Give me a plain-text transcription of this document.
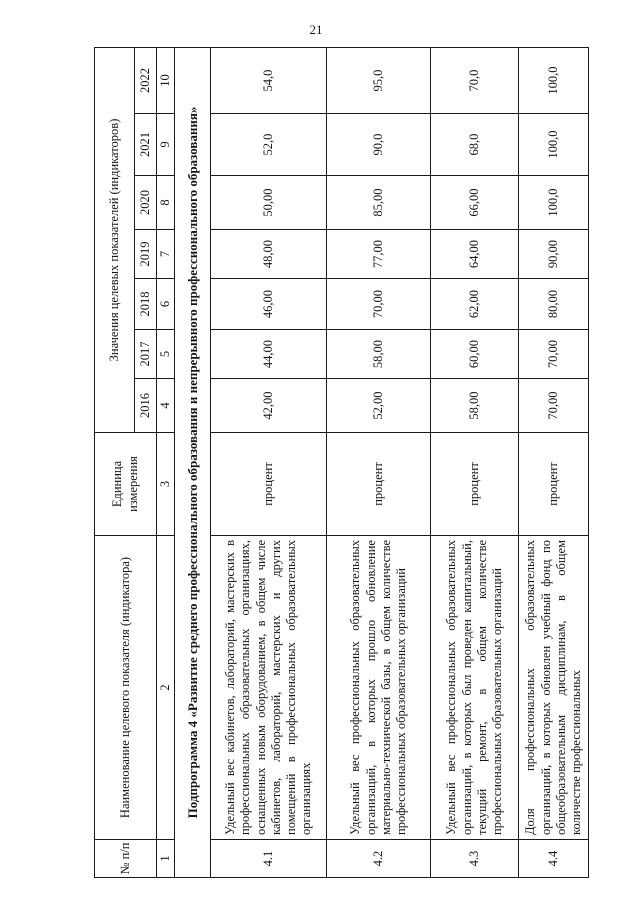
21
№ п/п	Наименование целевого показателя (индикатора)	Единица измерения	Значения целевых показателей (индикаторов)						
			2016	2017	2018	2019	2020	2021	2022
1	2	3	4	5	6	7	8	9	10
Подпрограмма 4 «Развитие среднего профессионального образования и непрерывного профессионального образования»									
4.1	Удельный вес кабинетов, лабораторий, мастерских в профессиональных образовательных организациях, оснащенных новым оборудованием, в общем числе кабинетов, лабораторий, мастерских и других помещений в профессиональных образовательных организациях	процент	42,00	44,00	46,00	48,00	50,00	52,0	54,0
4.2	Удельный вес профессиональных образовательных организаций, в которых прошло обновление материально-технической базы, в общем количестве профессиональных образовательных организаций	процент	52,00	58,00	70,00	77,00	85,00	90,0	95,0
4.3	Удельный вес профессиональных образовательных организаций, в которых был проведен капитальный, текущий ремонт, в общем количестве профессиональных образовательных организаций	процент	58,00	60,00	62,00	64,00	66,00	68,0	70,0
4.4	Доля профессиональных образовательных организаций, в которых обновлен учебный фонд по общеобразовательным дисциплинам, в общем количестве профессиональных	процент	70,00	70,00	80,00	90,00	100,0	100,0	100,0
